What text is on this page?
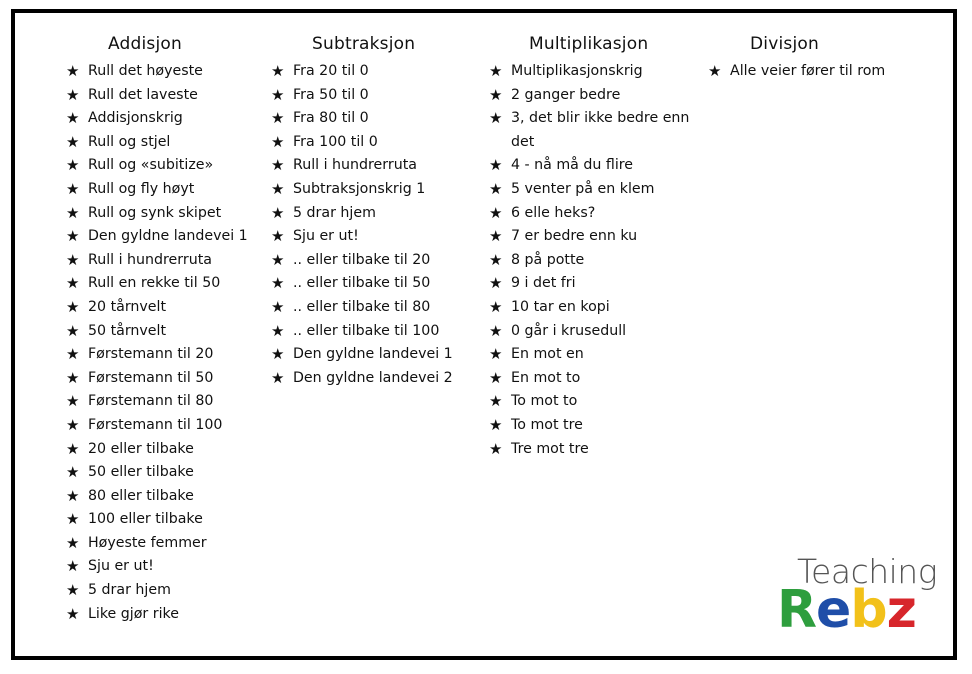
Addisjon
★ Rull det høyeste
★ Rull det laveste
★ Addisjonskrig
★ Rull og stjel
★ Rull og «subitize»
★ Rull og fly høyt
★ Rull og synk skipet
★ Den gyldne landevei 1
★ Rull i hundrerruta
★ Rull en rekke til 50
★ 20 tårnvelt
★ 50 tårnvelt
★ Førstemann til 20
★ Førstemann til 50
★ Førstemann til 80
★ Førstemann til 100
★ 20 eller tilbake
★ 50 eller tilbake
★ 80 eller tilbake
★ 100 eller tilbake
★ Høyeste femmer
★ Sju er ut!
★ 5 drar hjem
★ Like gjør rike
Subtraksjon
★ Fra 20 til 0
★ Fra 50 til 0
★ Fra 80 til 0
★ Fra 100 til 0
★ Rull i hundrerruta
★ Subtraksjonskrig 1
★ 5 drar hjem
★ Sju er ut!
★ .. eller tilbake til 20
★ .. eller tilbake til 50
★ .. eller tilbake til 80
★ .. eller tilbake til 100
★ Den gyldne landevei 1
★ Den gyldne landevei 2
Multiplikasjon
★ Multiplikasjonskrig
★ 2 ganger bedre
★ 3, det blir ikke bedre enn det
★ 4 - nå må du flire
★ 5 venter på en klem
★ 6 elle heks?
★ 7 er bedre enn ku
★ 8 på potte
★ 9 i det fri
★ 10 tar en kopi
★ 0 går i krusedull
★ En mot en
★ En mot to
★ To mot to
★ To mot tre
★ Tre mot tre
Divisjon
★ Alle veier fører til rom
Teaching
Rebz
